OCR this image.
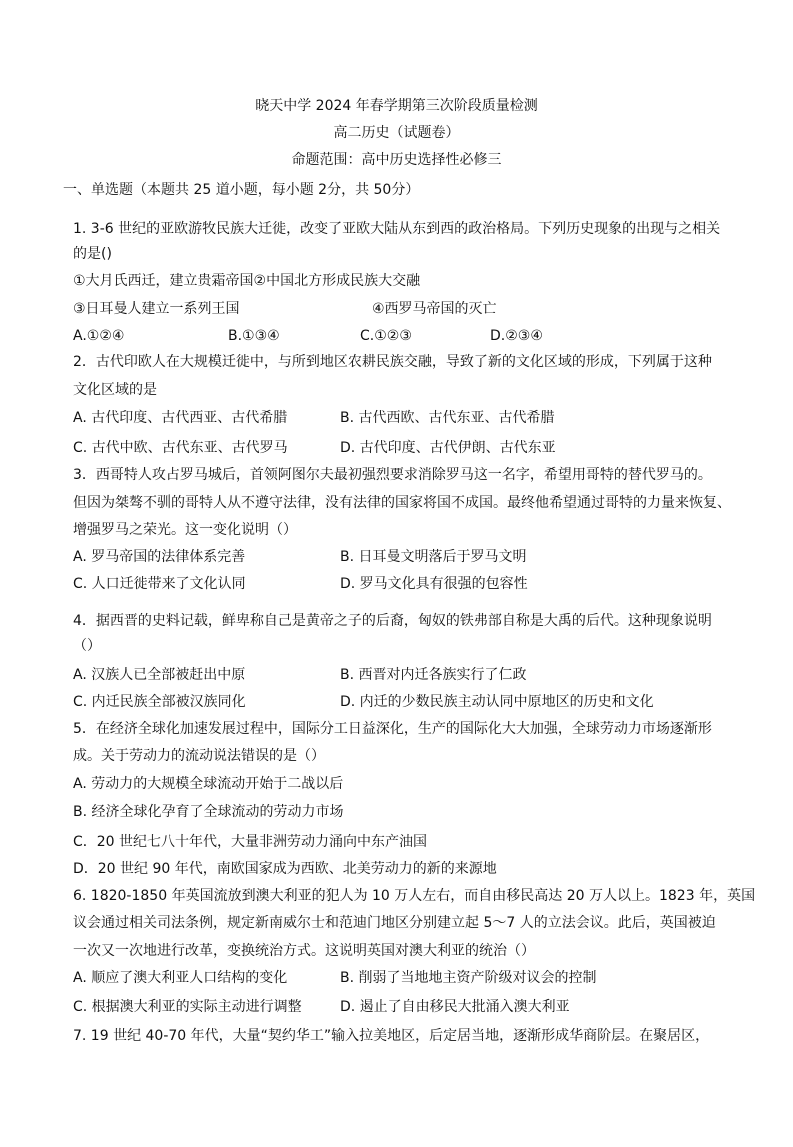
晓天中学 2024 年春学期第三次阶段质量检测
高二历史（试题卷）
命题范围：高中历史选择性必修三
一、单选题（本题共 25 道小题，每小题 2分，共 50分）
1. 3-6 世纪的亚欧游牧民族大迁徙，改变了亚欧大陆从东到西的政治格局。下列历史现象的出现与之相关
的是()
①大月氏西迁，建立贵霜帝国②中国北方形成民族大交融
③日耳曼人建立一系列王国	④西罗马帝国的灭亡
A.①②④	B.①③④	C.①②③	D.②③④
2．古代印欧人在大规模迁徙中，与所到地区农耕民族交融，导致了新的文化区域的形成，下列属于这种
文化区域的是
A. 古代印度、古代西亚、古代希腊	B. 古代西欧、古代东亚、古代希腊
C. 古代中欧、古代东亚、古代罗马	D. 古代印度、古代伊朗、古代东亚
3．西哥特人攻占罗马城后，首领阿图尔夫最初强烈要求消除罗马这一名字，希望用哥特的替代罗马的。
但因为桀骜不驯的哥特人从不遵守法律，没有法律的国家将国不成国。最终他希望通过哥特的力量来恢复、
增强罗马之荣光。这一变化说明（）
A. 罗马帝国的法律体系完善	B. 日耳曼文明落后于罗马文明
C. 人口迁徙带来了文化认同	D. 罗马文化具有很强的包容性
4．据西晋的史料记载，鲜卑称自己是黄帝之子的后裔，匈奴的铁弗部自称是大禹的后代。这种现象说明
（）
A. 汉族人已全部被赶出中原	B. 西晋对内迁各族实行了仁政
C. 内迁民族全部被汉族同化	D. 内迁的少数民族主动认同中原地区的历史和文化
5．在经济全球化加速发展过程中，国际分工日益深化，生产的国际化大大加强，全球劳动力市场逐渐形
成。关于劳动力的流动说法错误的是（）
A. 劳动力的大规模全球流动开始于二战以后
B. 经济全球化孕育了全球流动的劳动力市场
C．20 世纪七八十年代，大量非洲劳动力涌向中东产油国
D．20 世纪 90 年代，南欧国家成为西欧、北美劳动力的新的来源地
6. 1820-1850 年英国流放到澳大利亚的犯人为 10 万人左右，而自由移民高达 20 万人以上。1823 年，英国
议会通过相关司法条例，规定新南威尔士和范迪门地区分别建立起 5～7 人的立法会议。此后，英国被迫
一次又一次地进行改革，变换统治方式。这说明英国对澳大利亚的统治（）
A. 顺应了澳大利亚人口结构的变化	B. 削弱了当地地主资产阶级对议会的控制
C. 根据澳大利亚的实际主动进行调整	D. 遏止了自由移民大批涌入澳大利亚
7. 19 世纪 40-70 年代，大量“契约华工”输入拉美地区，后定居当地，逐渐形成华商阶层。在聚居区，
